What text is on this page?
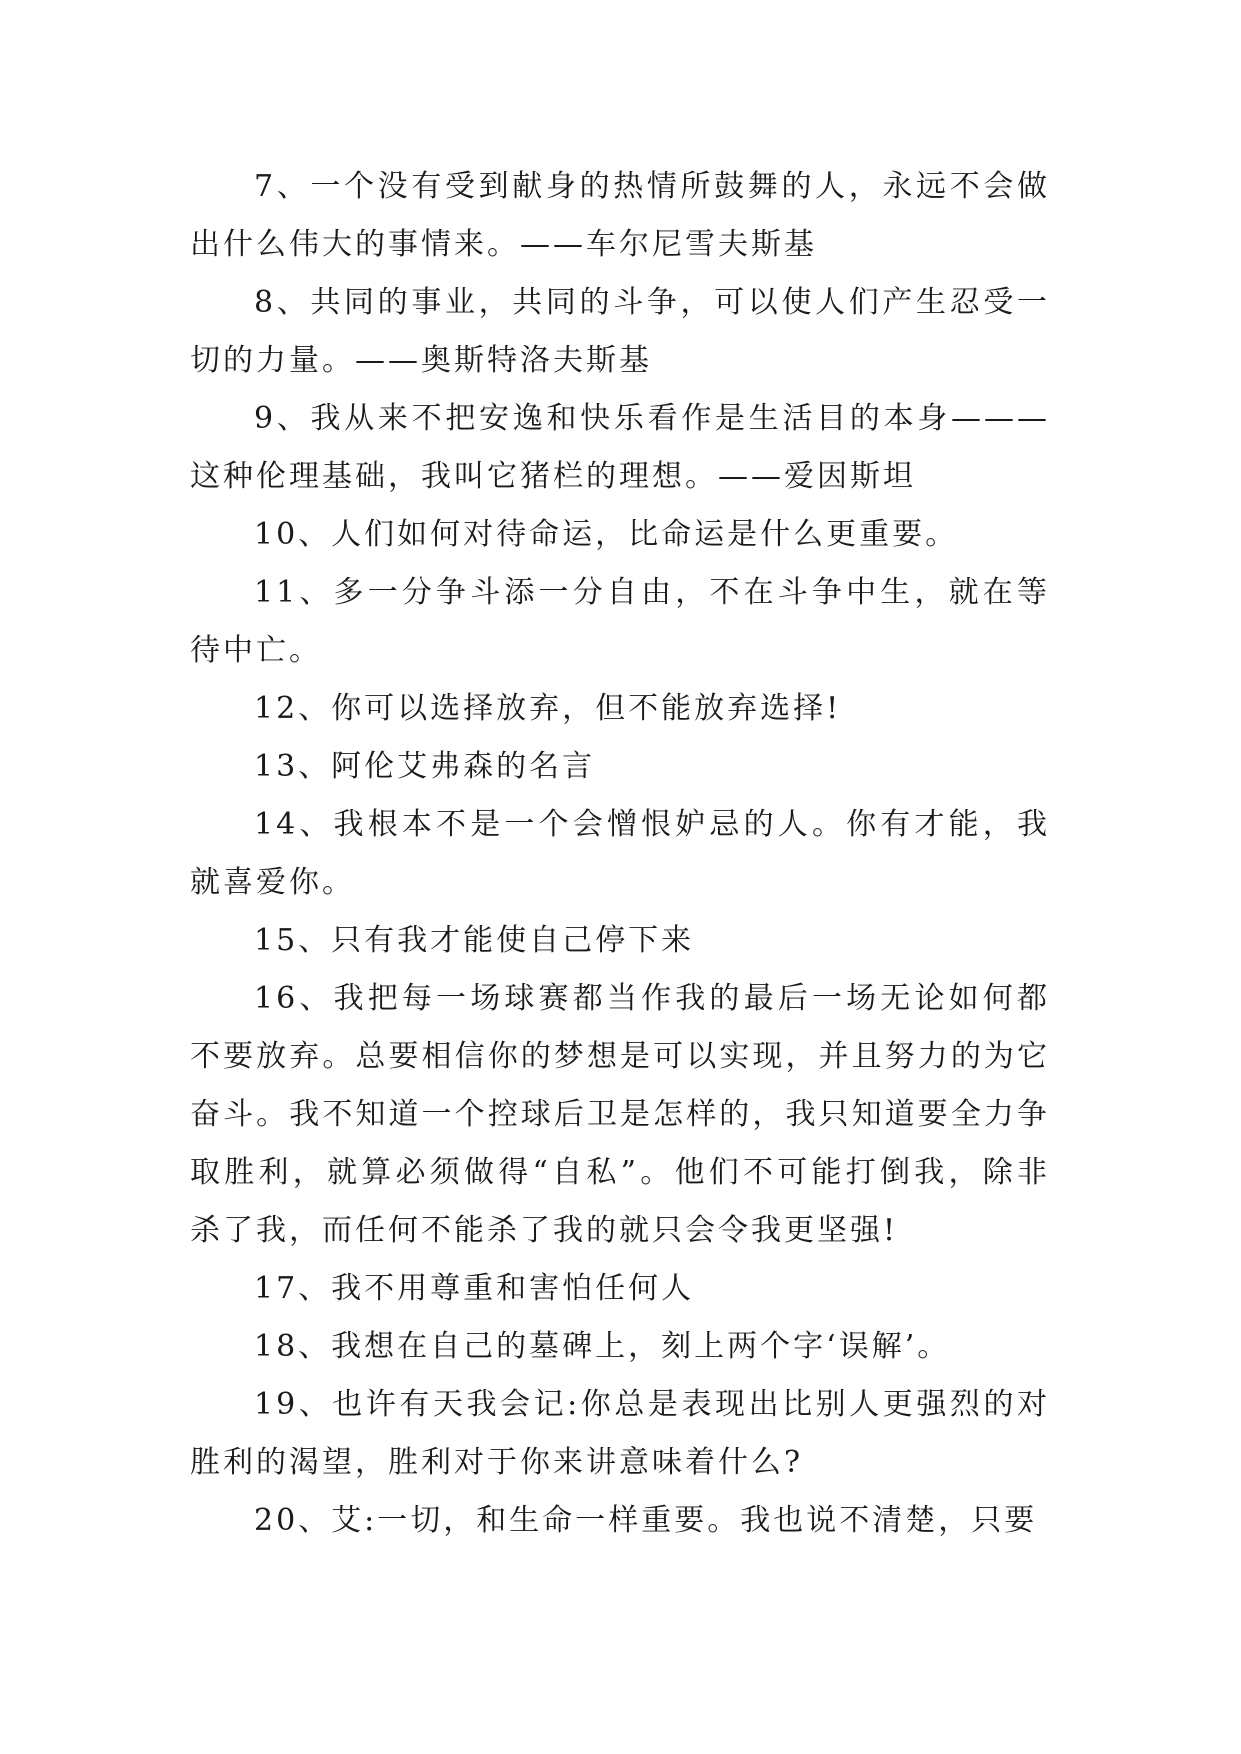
7、一个没有受到献身的热情所鼓舞的人，永远不会做出什么伟大的事情来。——车尔尼雪夫斯基

8、共同的事业，共同的斗争，可以使人们产生忍受一切的力量。——奥斯特洛夫斯基

9、我从来不把安逸和快乐看作是生活目的本身———这种伦理基础，我叫它猪栏的理想。——爱因斯坦

10、人们如何对待命运，比命运是什么更重要。

11、多一分争斗添一分自由，不在斗争中生，就在等待中亡。

12、你可以选择放弃，但不能放弃选择!

13、阿伦艾弗森的名言

14、我根本不是一个会憎恨妒忌的人。你有才能，我就喜爱你。

15、只有我才能使自己停下来

16、我把每一场球赛都当作我的最后一场无论如何都不要放弃。总要相信你的梦想是可以实现，并且努力的为它奋斗。我不知道一个控球后卫是怎样的，我只知道要全力争取胜利，就算必须做得“自私”。他们不可能打倒我，除非杀了我，而任何不能杀了我的就只会令我更坚强!

17、我不用尊重和害怕任何人

18、我想在自己的墓碑上，刻上两个字‘误解’。

19、也许有天我会记:你总是表现出比别人更强烈的对胜利的渴望，胜利对于你来讲意味着什么?

20、艾:一切，和生命一样重要。我也说不清楚，只要
